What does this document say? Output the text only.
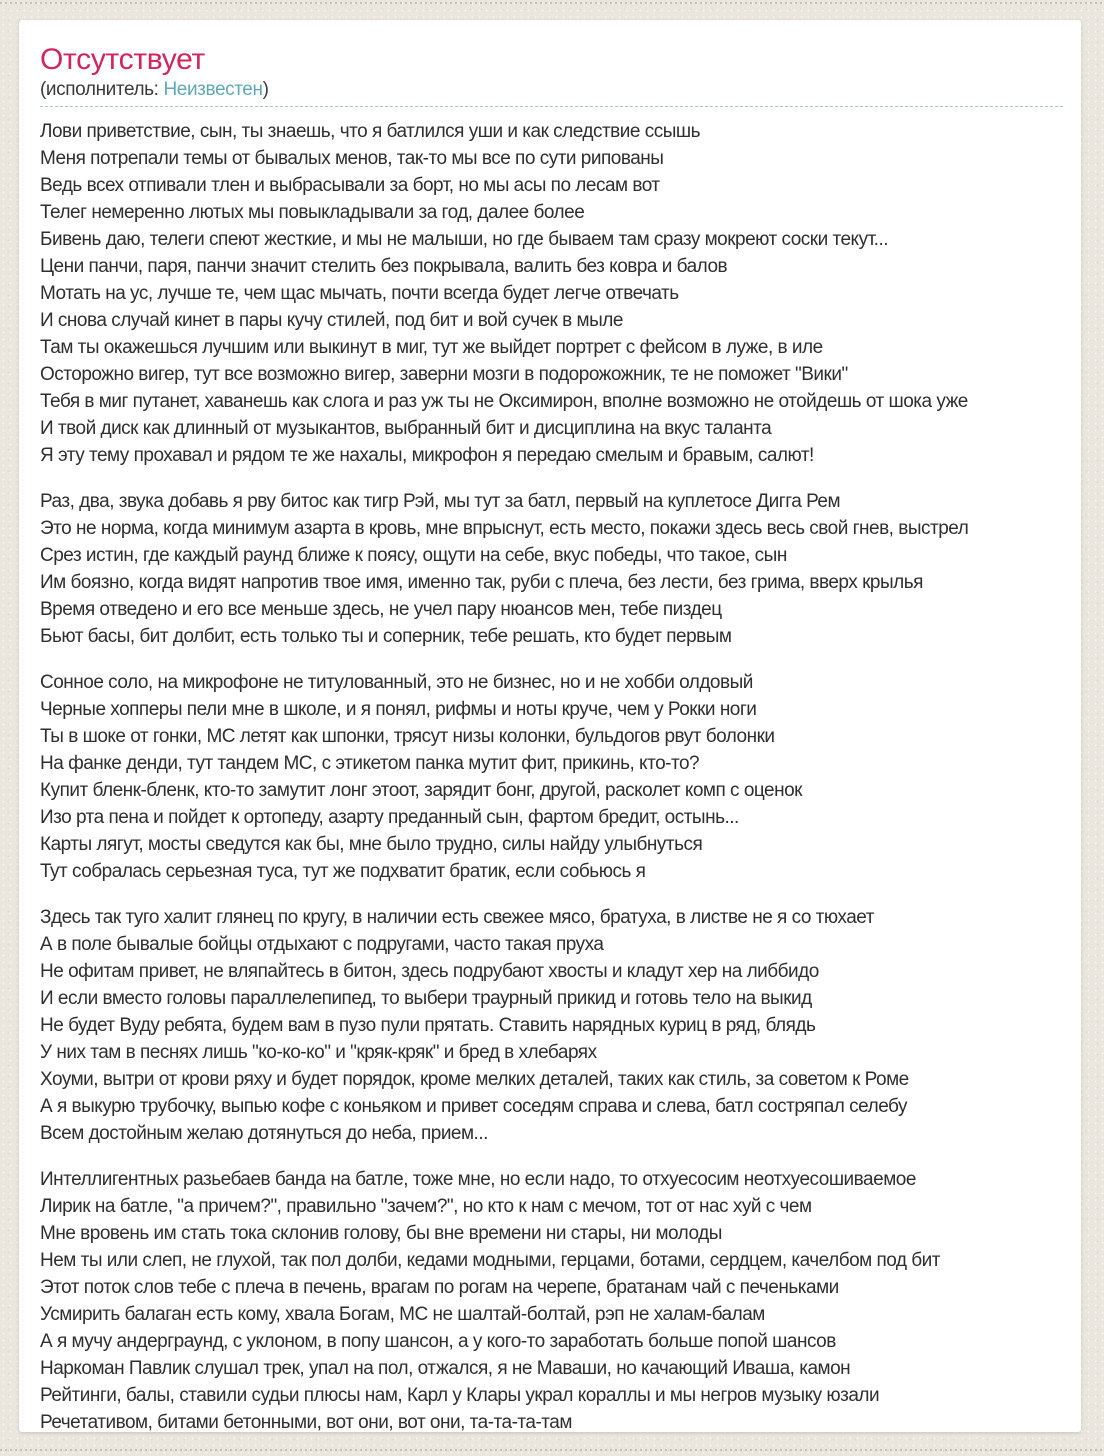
Отсутствует
(исполнитель: Неизвестен)
Лови приветствие, сын, ты знаешь, что я батлился уши и как следствие ссышь
Меня потрепали темы от бывалых менов, так-то мы все по сути рипованы
Ведь всех отпивали тлен и выбрасывали за борт, но мы асы по лесам вот
Телег немеренно лютых мы повыкладывали за год, далее более
Бивень даю, телеги спеют жесткие, и мы не малыши, но где бываем там сразу мокреют соски текут...
Цени панчи, паря, панчи значит стелить без покрывала, валить без ковра и балов
Мотать на ус, лучше те, чем щас мычать, почти всегда будет легче отвечать
И снова случай кинет в пары кучу стилей, под бит и вой сучек в мыле
Там ты окажешься лучшим или выкинут в миг, тут же выйдет портрет с фейсом в луже, в иле
Осторожно вигер, тут все возможно вигер, заверни мозги в подорожожник, те не поможет "Вики"
Тебя в миг путанет, хаванешь как слога и раз уж ты не Оксимирон, вполне возможно не отойдешь от шока уже
И твой диск как длинный от музыкантов, выбранный бит и дисциплина на вкус таланта
Я эту тему прохавал и рядом те же нахалы, микрофон я передаю смелым и бравым, салют!
Раз, два, звука добавь я рву битос как тигр Рэй, мы тут за батл, первый на куплетосе Дигга Рем
Это не норма, когда минимум азарта в кровь, мне впрыснут, есть место, покажи здесь весь свой гнев, выстрел
Срез истин, где каждый раунд ближе к поясу, ощути на себе, вкус победы, что такое, сын
Им боязно, когда видят напротив твое имя, именно так, руби с плеча, без лести, без грима, вверх крылья
Время отведено и его все меньше здесь, не учел пару нюансов мен, тебе пиздец
Бьют басы, бит долбит, есть только ты и соперник, тебе решать, кто будет первым
Сонное соло, на микрофоне не титулованный, это не бизнес, но и не хобби олдовый
Черные хопперы пели мне в школе, и я понял, рифмы и ноты круче, чем у Рокки ноги
Ты в шоке от гонки, MC летят как шпонки, трясут низы колонки, бульдогов рвут болонки
На фанке денди, тут тандем MC, с этикетом панка мутит фит, прикинь, кто-то?
Купит бленк-бленк, кто-то замутит лонг этоот, зарядит бонг, другой, расколет комп с оценок
Изо рта пена и пойдет к ортопеду, азарту преданный сын, фартом бредит, остынь...
Карты лягут, мосты сведутся как бы, мне было трудно, силы найду улыбнуться
Тут собралась серьезная туса, тут же подхватит братик, если собьюсь я
Здесь так туго халит глянец по кругу, в наличии есть свежее мясо, братуха, в листве не я со тюхает
А в поле бывалые бойцы отдыхают с подругами, часто такая пруха
Не офитам привет, не вляпайтесь в битон, здесь подрубают хвосты и кладут хер на либбидо
И если вместо головы параллелепипед, то выбери траурный прикид и готовь тело на выкид
Не будет Вуду ребята, будем вам в пузо пули прятать. Ставить нарядных куриц в ряд, блядь
У них там в песнях лишь "ко-ко-ко" и "кряк-кряк" и бред в хлебарях
Хоуми, вытри от крови ряху и будет порядок, кроме мелких деталей, таких как стиль, за советом к Роме
А я выкурю трубочку, выпью кофе с коньяком и привет соседям справа и слева, батл состряпал селебу
Всем достойным желаю дотянуться до неба, прием...
Интеллигентных разьебаев банда на батле, тоже мне, но если надо, то отхуесосим неотхуесошиваемое
Лирик на батле, "а причем?", правильно "зачем?", но кто к нам с мечом, тот от нас хуй с чем
Мне вровень им стать тока склонив голову, бы вне времени ни стары, ни молоды
Нем ты или слеп, не глухой, так пол долби, кедами модными, герцами, ботами, сердцем, качелбом под бит
Этот поток слов тебе с плеча в печень, врагам по рогам на черепе, братанам чай с печеньками
Усмирить балаган есть кому, хвала Богам, MC не шалтай-болтай, рэп не халам-балам
А я мучу андерграунд, с уклоном, в попу шансон, а у кого-то заработать больше попой шансов
Наркоман Павлик слушал трек, упал на пол, отжался, я не Маваши, но качающий Иваша, камон
Рейтинги, балы, ставили судьи плюсы нам, Карл у Клары украл кораллы и мы негров музыку юзали
Речетативом, битами бетонными, вот они, вот они, та-та-та-там
